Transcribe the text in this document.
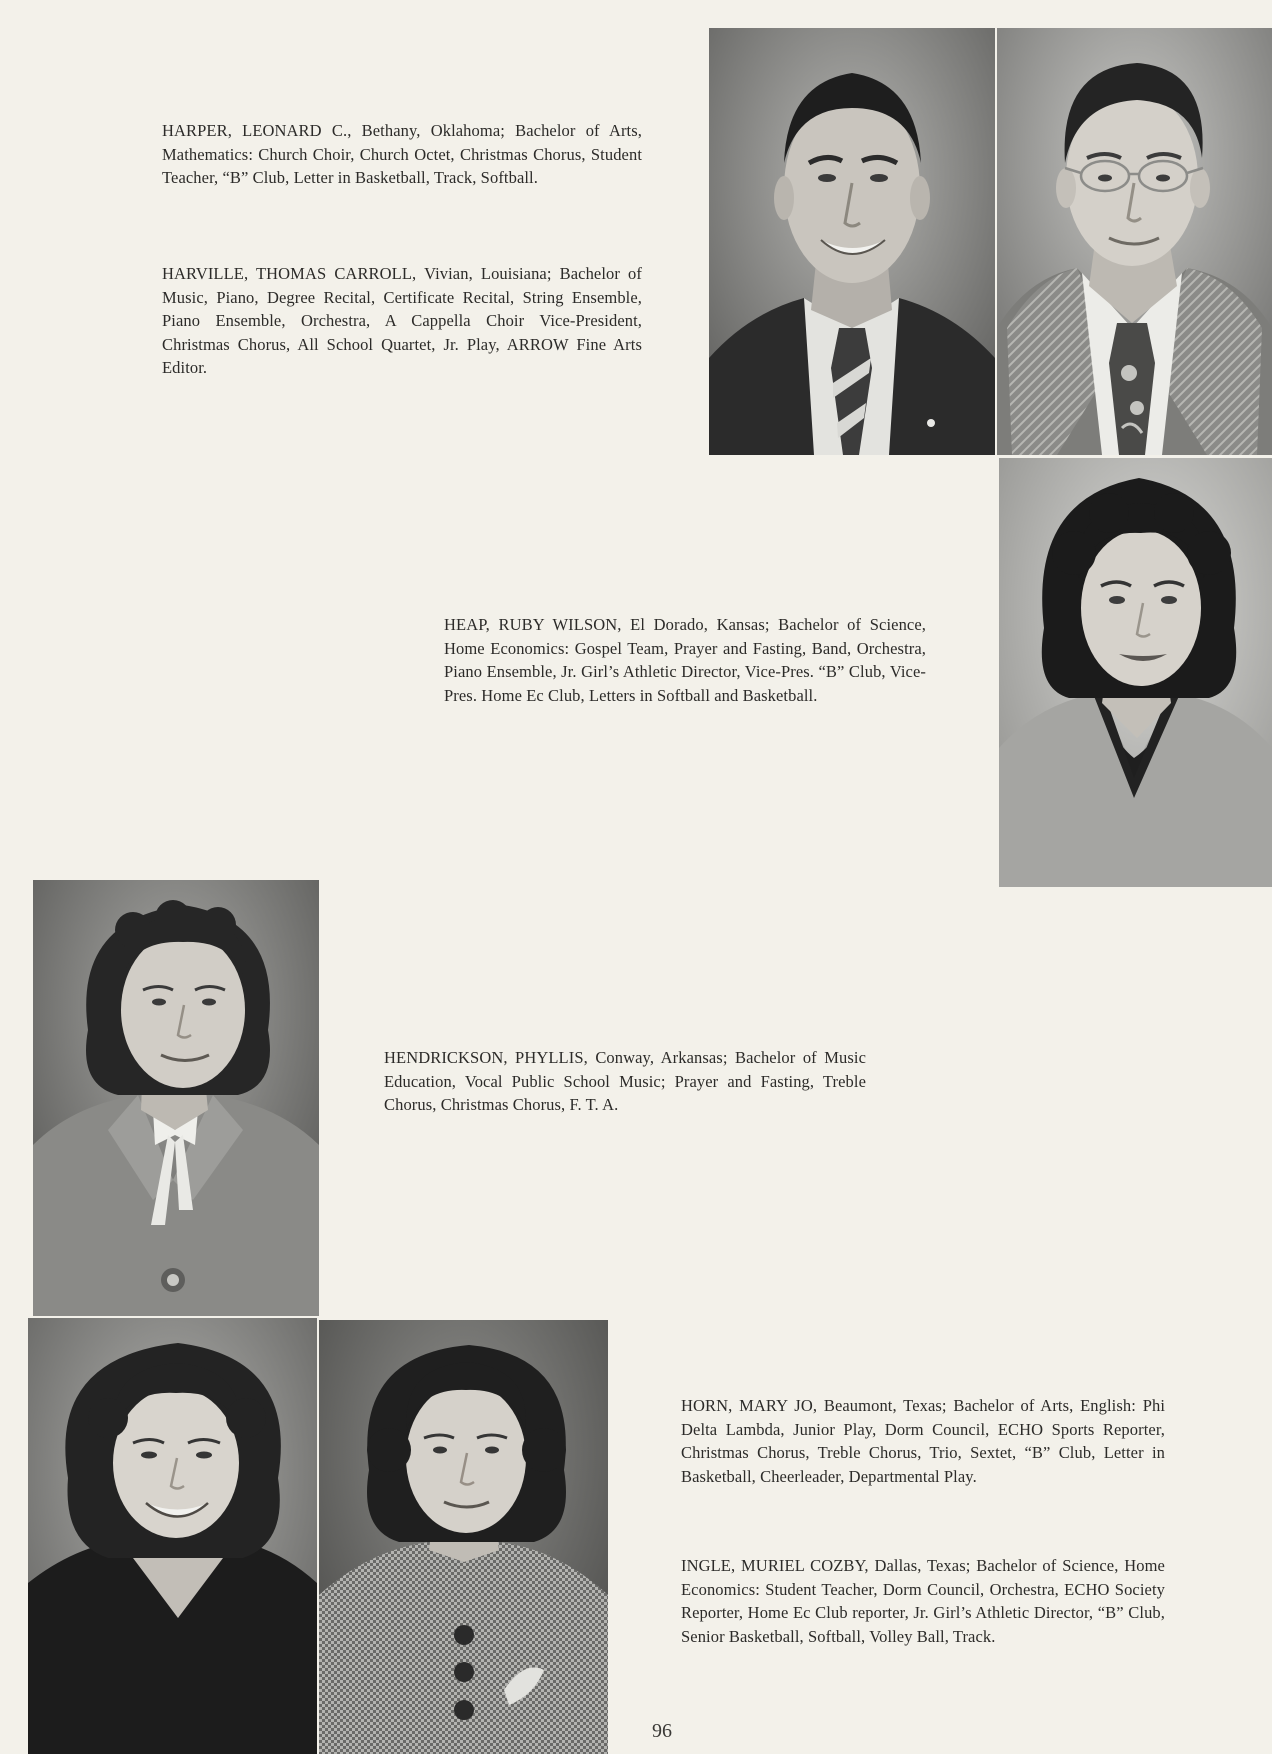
HARPER, LEONARD C., Bethany, Oklahoma; Bachelor of Arts, Mathematics: Church Choir, Church Octet, Christmas Chorus, Student Teacher, “B” Club, Letter in Basketball, Track, Softball.

HARVILLE, THOMAS CARROLL, Vivian, Louisiana; Bachelor of Music, Piano, Degree Recital, Certificate Recital, String Ensemble, Piano Ensemble, Orchestra, A Cappella Choir Vice-President, Christmas Chorus, All School Quartet, Jr. Play, ARROW Fine Arts Editor.

HEAP, RUBY WILSON, El Dorado, Kansas; Bachelor of Science, Home Economics: Gospel Team, Prayer and Fasting, Band, Orchestra, Piano Ensemble, Jr. Girl’s Athletic Director, Vice-Pres. “B” Club, Vice-Pres. Home Ec Club, Letters in Softball and Basketball.

HENDRICKSON, PHYLLIS, Conway, Arkansas; Bachelor of Music Education, Vocal Public School Music; Prayer and Fasting, Treble Chorus, Christmas Chorus, F. T. A.

HORN, MARY JO, Beaumont, Texas; Bachelor of Arts, English: Phi Delta Lambda, Junior Play, Dorm Council, ECHO Sports Reporter, Christmas Chorus, Treble Chorus, Trio, Sextet, “B” Club, Letter in Basketball, Cheerleader, Departmental Play.

INGLE, MURIEL COZBY, Dallas, Texas; Bachelor of Science, Home Economics: Student Teacher, Dorm Council, Orchestra, ECHO Society Reporter, Home Ec Club reporter, Jr. Girl’s Athletic Director, “B” Club, Senior Basketball, Softball, Volley Ball, Track.

96
